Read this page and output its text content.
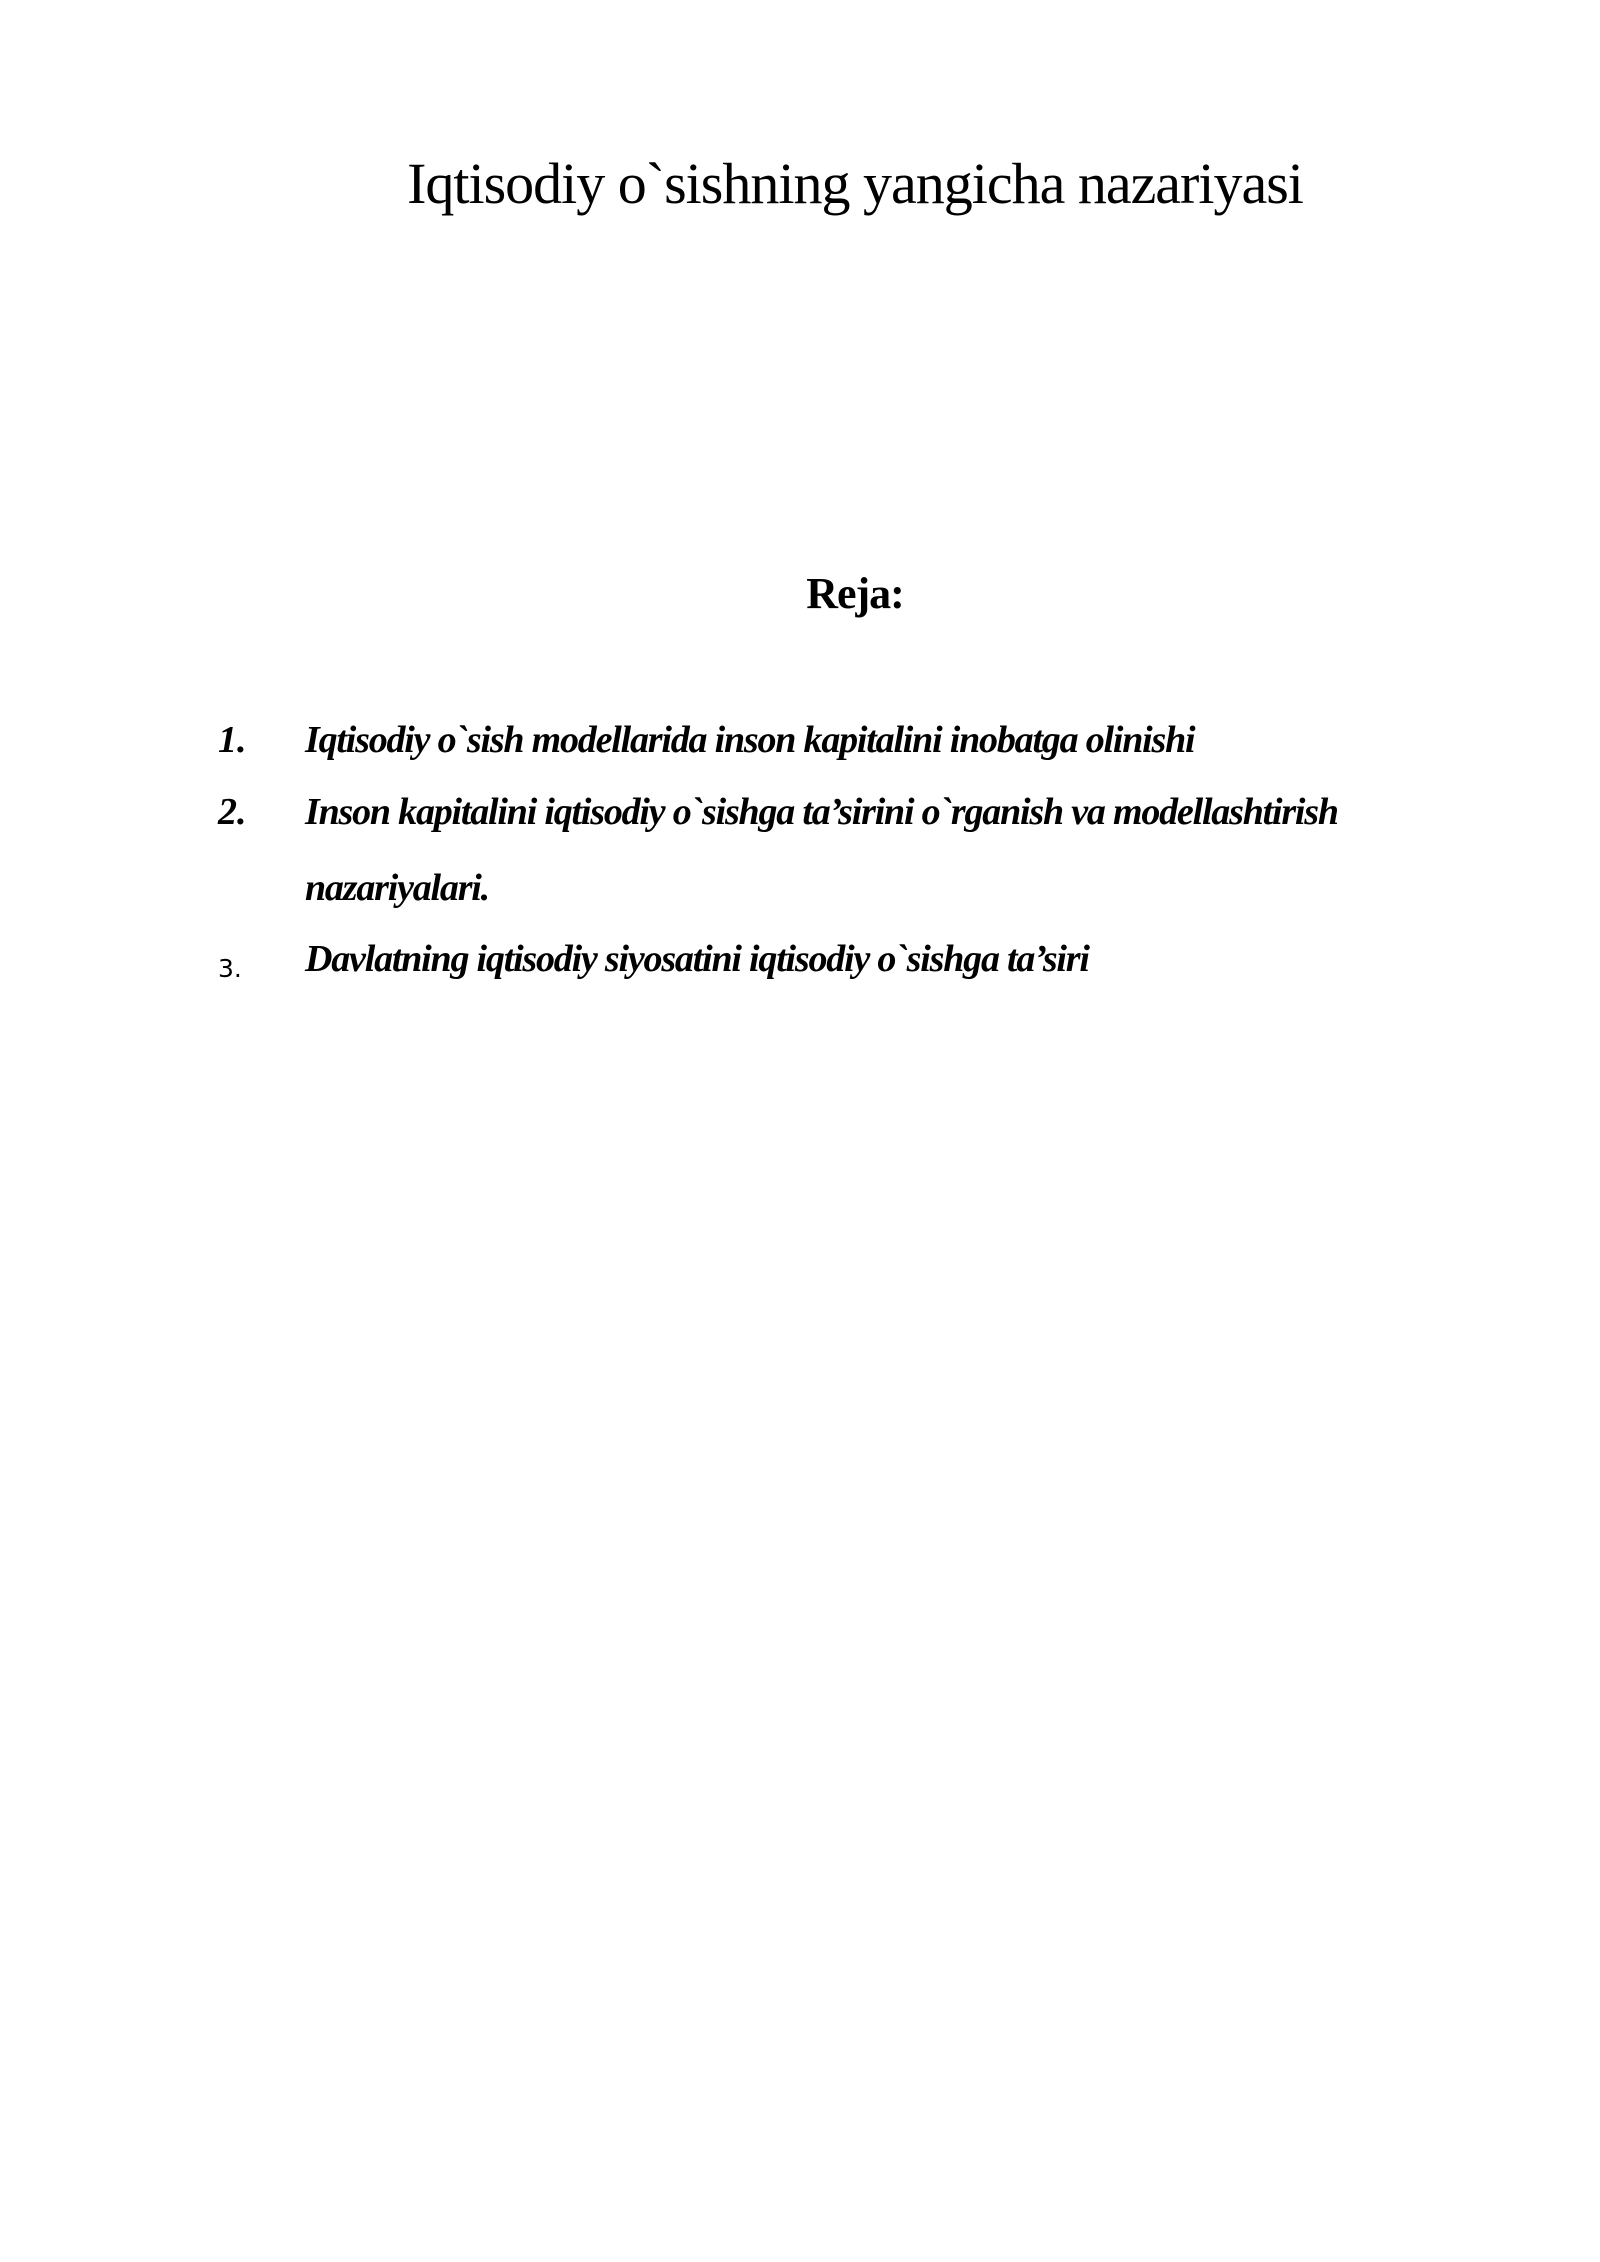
Iqtisodiy o`sishning yangicha nazariyasi
Reja:
1. Iqtisodiy o`sish modellarida inson kapitalini inobatga olinishi
2. Inson kapitalini iqtisodiy o`sishga ta’sirini o`rganish va modellashtirish nazariyalari.
3. Davlatning iqtisodiy siyosatini iqtisodiy o`sishga ta’siri
